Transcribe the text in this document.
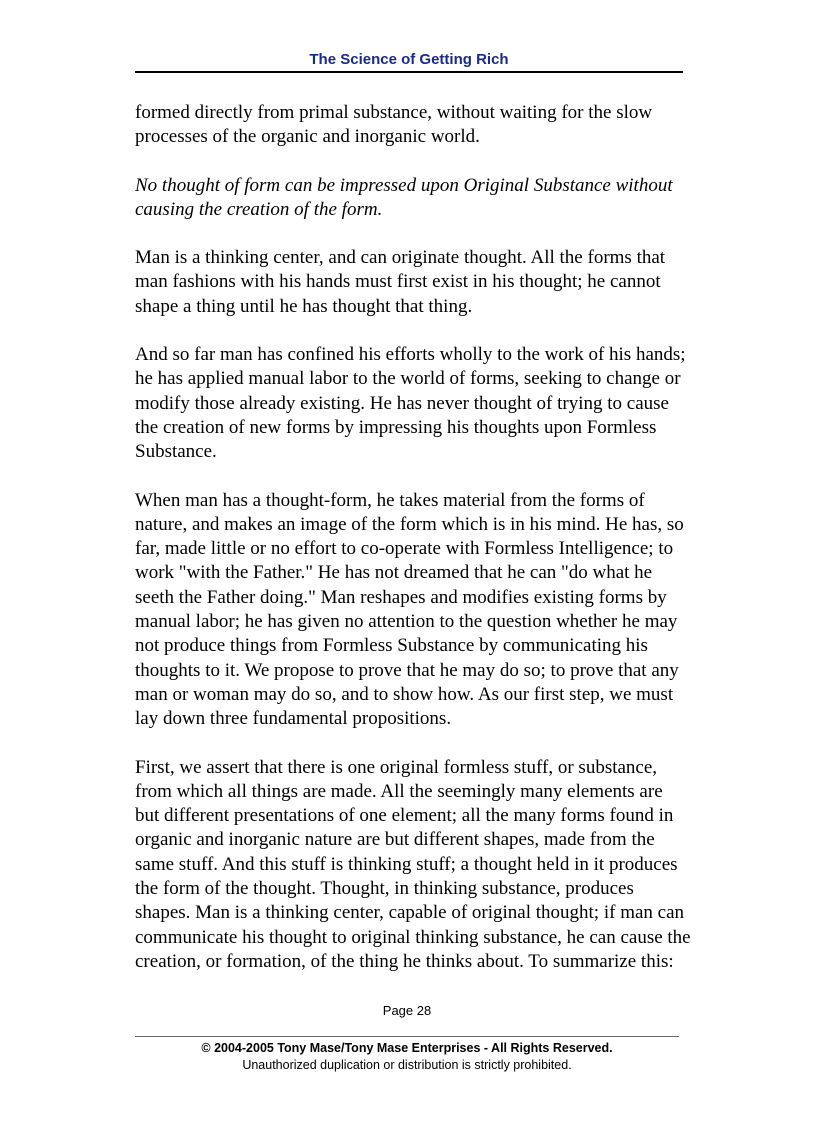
The Science of Getting Rich

formed directly from primal substance, without waiting for the slow
processes of the organic and inorganic world.

No thought of form can be impressed upon Original Substance without
causing the creation of the form.

Man is a thinking center, and can originate thought. All the forms that
man fashions with his hands must first exist in his thought; he cannot
shape a thing until he has thought that thing.

And so far man has confined his efforts wholly to the work of his hands;
he has applied manual labor to the world of forms, seeking to change or
modify those already existing. He has never thought of trying to cause
the creation of new forms by impressing his thoughts upon Formless
Substance.

When man has a thought-form, he takes material from the forms of
nature, and makes an image of the form which is in his mind. He has, so
far, made little or no effort to co-operate with Formless Intelligence; to
work "with the Father." He has not dreamed that he can "do what he
seeth the Father doing." Man reshapes and modifies existing forms by
manual labor; he has given no attention to the question whether he may
not produce things from Formless Substance by communicating his
thoughts to it. We propose to prove that he may do so; to prove that any
man or woman may do so, and to show how. As our first step, we must
lay down three fundamental propositions.

First, we assert that there is one original formless stuff, or substance,
from which all things are made. All the seemingly many elements are
but different presentations of one element; all the many forms found in
organic and inorganic nature are but different shapes, made from the
same stuff. And this stuff is thinking stuff; a thought held in it produces
the form of the thought. Thought, in thinking substance, produces
shapes. Man is a thinking center, capable of original thought; if man can
communicate his thought to original thinking substance, he can cause the
creation, or formation, of the thing he thinks about. To summarize this:

Page 28
© 2004-2005 Tony Mase/Tony Mase Enterprises - All Rights Reserved.
Unauthorized duplication or distribution is strictly prohibited.
